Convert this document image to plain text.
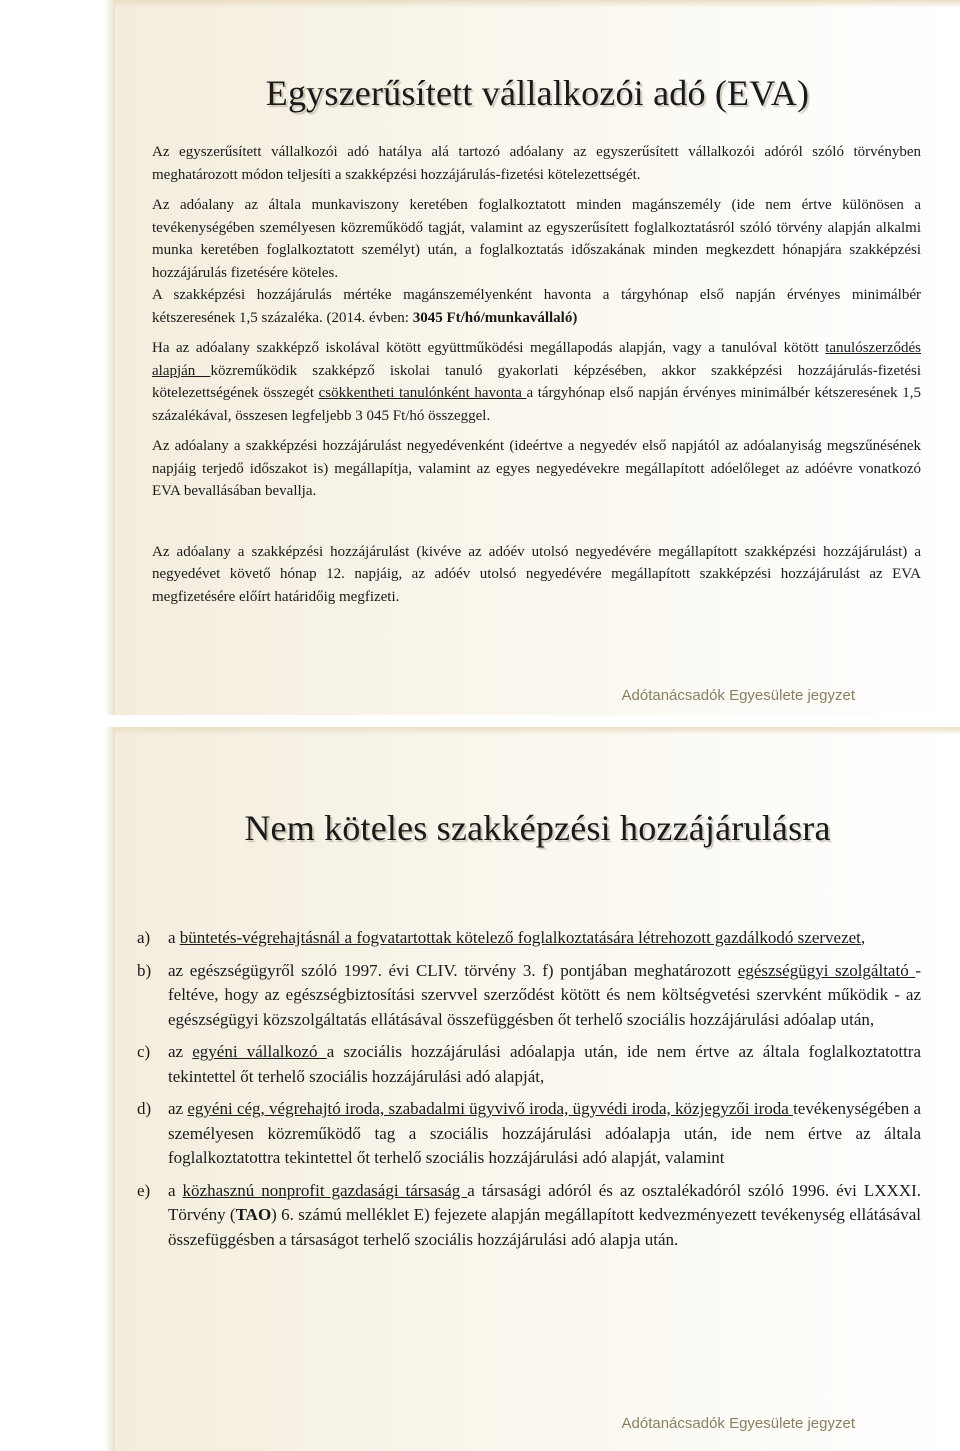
Egyszerűsített vállalkozói adó (EVA)

Az egyszerűsített vállalkozói adó hatálya alá tartozó adóalany az egyszerűsített vállalkozói adóról szóló törvényben meghatározott módon teljesíti a szakképzési hozzájárulás-fizetési kötelezettségét.

Az adóalany az általa munkaviszony keretében foglalkoztatott minden magánszemély (ide nem értve különösen a tevékenységében személyesen közreműködő tagját, valamint az egyszerűsített foglalkoztatásról szóló törvény alapján alkalmi munka keretében foglalkoztatott személyt) után, a foglalkoztatás időszakának minden megkezdett hónapjára szakképzési hozzájárulás fizetésére köteles.

A szakképzési hozzájárulás mértéke magánszemélyenként havonta a tárgyhónap első napján érvényes minimálbér kétszeresének 1,5 százaléka. (2014. évben: 3045 Ft/hó/munkavállaló)

Ha az adóalany szakképző iskolával kötött együttműködési megállapodás alapján, vagy a tanulóval kötött tanulószerződés alapján közreműködik szakképző iskolai tanuló gyakorlati képzésében, akkor szakképzési hozzájárulás-fizetési kötelezettségének összegét csökkentheti tanulónként havonta a tárgyhónap első napján érvényes minimálbér kétszeresének 1,5 százalékával, összesen legfeljebb 3 045 Ft/hó összeggel.

Az adóalany a szakképzési hozzájárulást negyedévenként (ideértve a negyedév első napjától az adóalanyiság megszűnésének napjáig terjedő időszakot is) megállapítja, valamint az egyes negyedévekre megállapított adóelőleget az adóévre vonatkozó EVA bevallásában bevallja.

Az adóalany a szakképzési hozzájárulást (kivéve az adóév utolsó negyedévére megállapított szakképzési hozzájárulást) a negyedévet követő hónap 12. napjáig, az adóév utolsó negyedévére megállapított szakképzési hozzájárulást az EVA megfizetésére előírt határidőig megfizeti.

Adótanácsadók Egyesülete jegyzet
Nem köteles szakképzési hozzájárulásra
a) a büntetés-végrehajtásnál a fogvatartottak kötelező foglalkoztatására létrehozott gazdálkodó szervezet,
b) az egészségügyről szóló 1997. évi CLIV. törvény 3. f) pontjában meghatározott egészségügyi szolgáltató - feltéve, hogy az egészségbiztosítási szervvel szerződést kötött és nem költségvetési szervként működik - az egészségügyi közszolgáltatás ellátásával összefüggésben őt terhelő szociális hozzájárulási adóalap után,
c) az egyéni vállalkozó a szociális hozzájárulási adóalapja után, ide nem értve az általa foglalkoztatottra tekintettel őt terhelő szociális hozzájárulási adó alapját,
d) az egyéni cég, végrehajtó iroda, szabadalmi ügyvivő iroda, ügyvédi iroda, közjegyzői iroda tevékenységében a személyesen közreműködő tag a szociális hozzájárulási adóalapja után, ide nem értve az általa foglalkoztatottra tekintettel őt terhelő szociális hozzájárulási adó alapját, valamint
e) a közhasznú nonprofit gazdasági társaság a társasági adóról és az osztalékadóról szóló 1996. évi LXXXI. Törvény (TAO) 6. számú melléklet E) fejezete alapján megállapított kedvezményezett tevékenység ellátásával összefüggésben a társaságot terhelő szociális hozzájárulási adó alapja után.
Adótanácsadók Egyesülete jegyzet
